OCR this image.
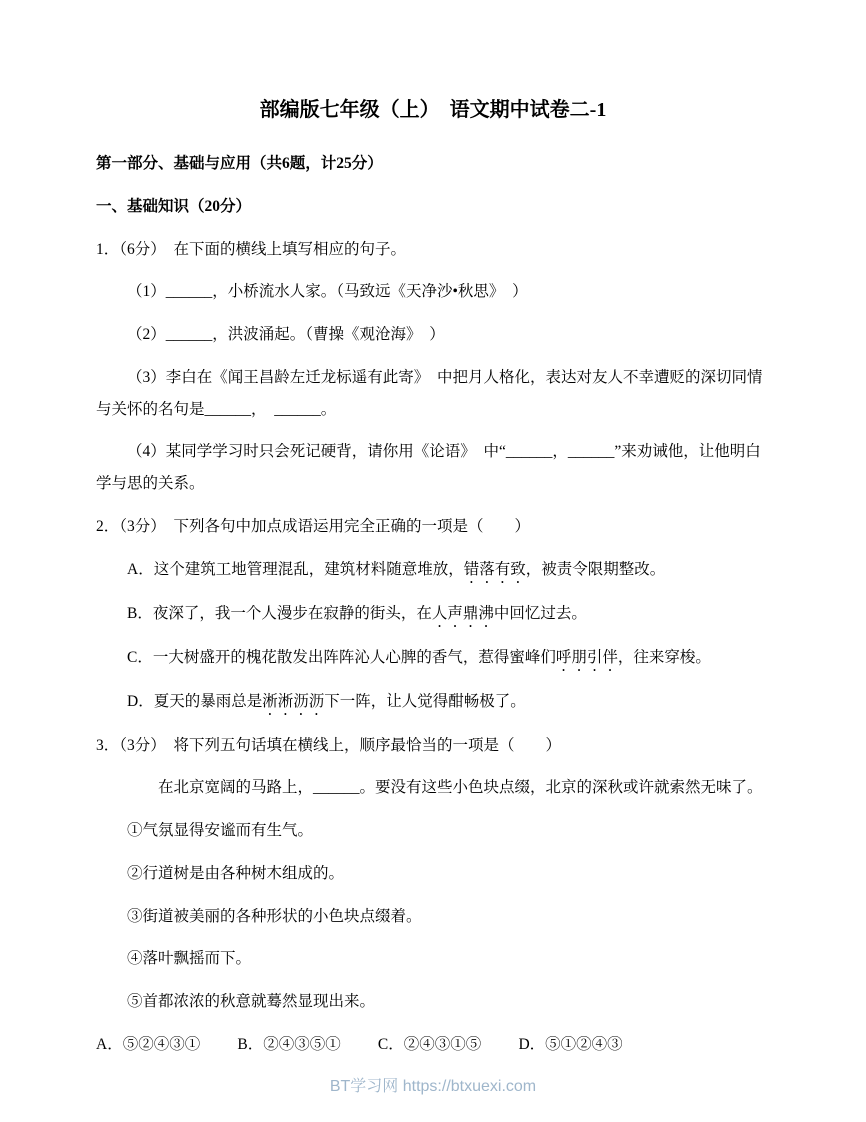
部编版七年级（上）　语文期中试卷二-1

第一部分、基础与应用（共6题，计25分）

一、基础知识（20分）

1．（6分）　在下面的横线上填写相应的句子。

（1）______，小桥流水人家。（马致远《天净沙•秋思》　）

（2）______，洪波涌起。（曹操《观沧海》　）

（3）李白在《闻王昌龄左迁龙标遥有此寄》　中把月人格化，表达对友人不幸遭贬的深切同情与关怀的名句是______，　______。

（4）某同学学习时只会死记硬背，请你用《论语》　中“______，______”来劝诫他，让他明白学与思的关系。

2．（3分）　下列各句中加点成语运用完全正确的一项是（　　）

A．这个建筑工地管理混乱，建筑材料随意堆放，错落有致，被责令限期整改。

B．夜深了，我一个人漫步在寂静的街头，在人声鼎沸中回忆过去。

C．一大树盛开的槐花散发出阵阵沁人心脾的香气，惹得蜜峰们呼朋引伴，往来穿梭。

D．夏天的暴雨总是淅淅沥沥下一阵，让人觉得酣畅极了。

3．（3分）　将下列五句话填在横线上，顺序最恰当的一项是（　　）

在北京宽阔的马路上，______。要没有这些小色块点缀，北京的深秋或许就索然无味了。

①气氛显得安谧而有生气。

②行道树是由各种树木组成的。

③街道被美丽的各种形状的小色块点缀着。

④落叶飘摇而下。

⑤首都浓浓的秋意就蓦然显现出来。

A．⑤②④③① B．②④③⑤① C．②④③①⑤ D．⑤①②④③

BT学习网 https://btxuexi.com
